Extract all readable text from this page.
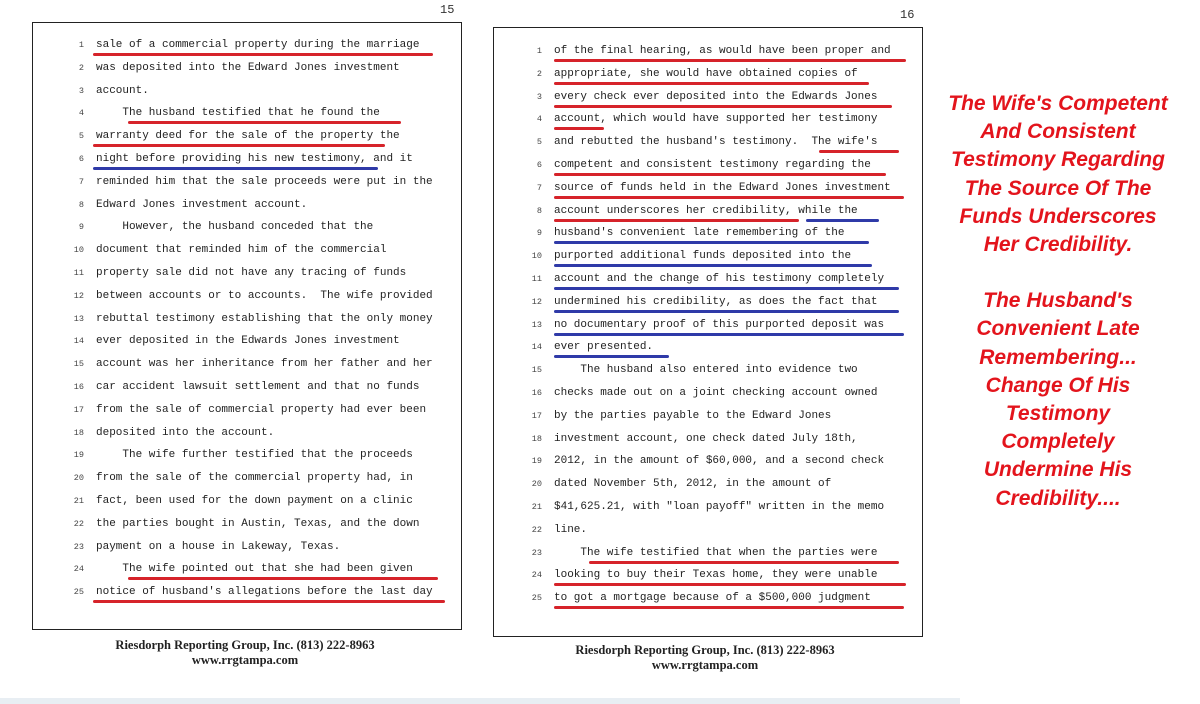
15	16
1 sale of a commercial property during the marriage
2 was deposited into the Edward Jones investment
3 account.
4 The husband testified that he found the
5 warranty deed for the sale of the property the
6 night before providing his new testimony, and it
7 reminded him that the sale proceeds were put in the
8 Edward Jones investment account.
9 However, the husband conceded that the
10 document that reminded him of the commercial
11 property sale did not have any tracing of funds
12 between accounts or to accounts.  The wife provided
13 rebuttal testimony establishing that the only money
14 ever deposited in the Edwards Jones investment
15 account was her inheritance from her father and her
16 car accident lawsuit settlement and that no funds
17 from the sale of commercial property had ever been
18 deposited into the account.
19 The wife further testified that the proceeds
20 from the sale of the commercial property had, in
21 fact, been used for the down payment on a clinic
22 the parties bought in Austin, Texas, and the down
23 payment on a house in Lakeway, Texas.
24 The wife pointed out that she had been given
25 notice of husband's allegations before the last day
1 of the final hearing, as would have been proper and
2 appropriate, she would have obtained copies of
3 every check ever deposited into the Edwards Jones
4 account, which would have supported her testimony
5 and rebutted the husband's testimony.  The wife's
6 competent and consistent testimony regarding the
7 source of funds held in the Edward Jones investment
8 account underscores her credibility, while the
9 husband's convenient late remembering of the
10 purported additional funds deposited into the
11 account and the change of his testimony completely
12 undermined his credibility, as does the fact that
13 no documentary proof of this purported deposit was
14 ever presented.
15 The husband also entered into evidence two
16 checks made out on a joint checking account owned
17 by the parties payable to the Edward Jones
18 investment account, one check dated July 18th,
19 2012, in the amount of $60,000, and a second check
20 dated November 5th, 2012, in the amount of
21 $41,625.21, with "loan payoff" written in the memo
22 line.
23 The wife testified that when the parties were
24 looking to buy their Texas home, they were unable
25 to got a mortgage because of a $500,000 judgment
Riesdorph Reporting Group, Inc. (813) 222-8963
www.rrgtampa.com
Riesdorph Reporting Group, Inc. (813) 222-8963
www.rrgtampa.com

The Wife's Competent And Consistent Testimony Regarding The Source Of The Funds Underscores Her Credibility.

The Husband's Convenient Late Remembering... Change Of His Testimony Completely Undermine His Credibility....
